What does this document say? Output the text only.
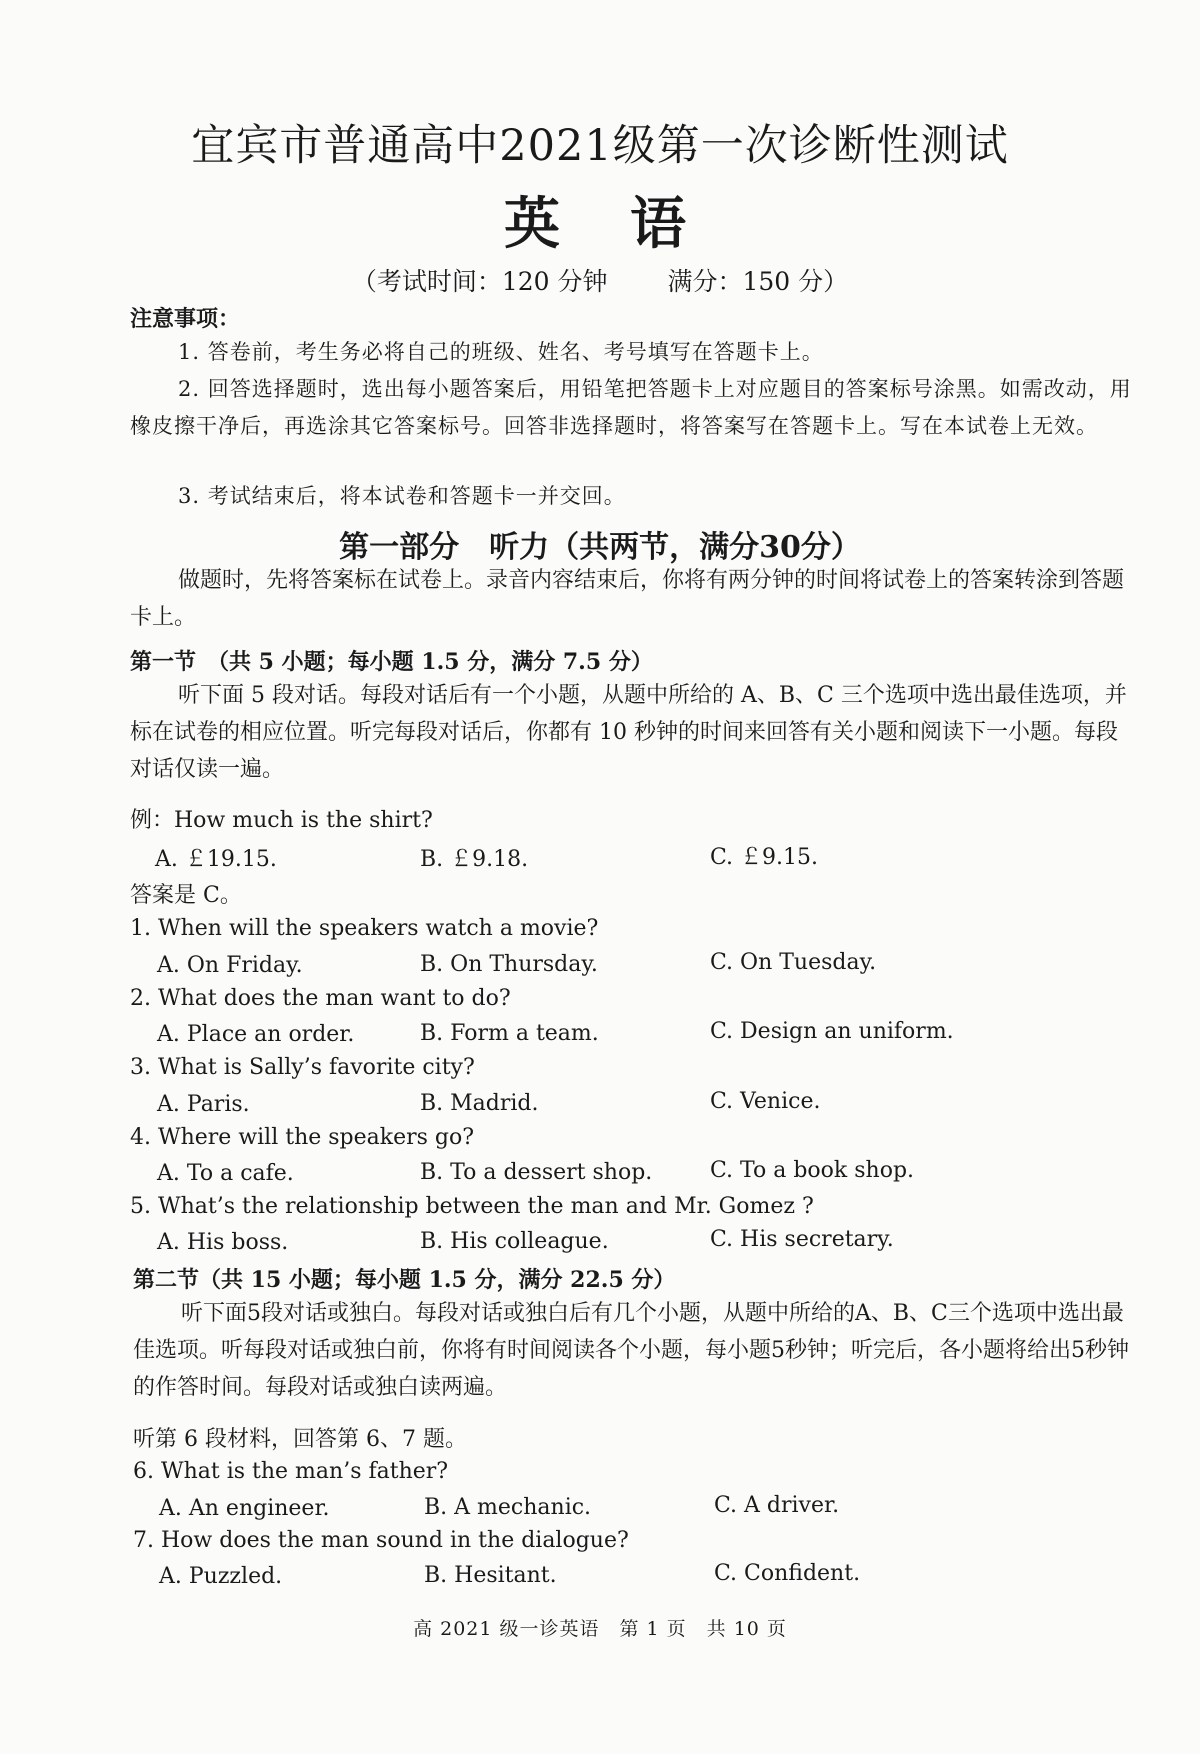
宜宾市普通高中2021级第一次诊断性测试
英语
（考试时间：120 分钟 满分：150 分）
注意事项：
1. 答卷前，考生务必将自己的班级、姓名、考号填写在答题卡上。
2. 回答选择题时，选出每小题答案后，用铅笔把答题卡上对应题目的答案标号涂黑。如需改动，用橡皮擦干净后，再选涂其它答案标号。回答非选择题时，将答案写在答题卡上。写在本试卷上无效。
3. 考试结束后，将本试卷和答题卡一并交回。
第一部分　听力（共两节，满分30分）
做题时，先将答案标在试卷上。录音内容结束后，你将有两分钟的时间将试卷上的答案转涂到答题卡上。
第一节　（共 5 小题；每小题 1.5 分，满分 7.5 分）
听下面 5 段对话。每段对话后有一个小题，从题中所给的 A、B、C 三个选项中选出最佳选项，并标在试卷的相应位置。听完每段对话后，你都有 10 秒钟的时间来回答有关小题和阅读下一小题。每段对话仅读一遍。
例：How much is the shirt?
A. ￡19.15.	B. ￡9.18.	C. ￡9.15.
答案是 C。
1. When will the speakers watch a movie?
A. On Friday.	B. On Thursday.	C. On Tuesday.
2. What does the man want to do?
A. Place an order.	B. Form a team.	C. Design an uniform.
3. What is Sally’s favorite city?
A. Paris.	B. Madrid.	C. Venice.
4. Where will the speakers go?
A. To a cafe.	B. To a dessert shop.	C. To a book shop.
5. What’s the relationship between the man and Mr. Gomez ?
A. His boss.	B. His colleague.	C. His secretary.
第二节（共 15 小题；每小题 1.5 分，满分 22.5 分）
听下面5段对话或独白。每段对话或独白后有几个小题，从题中所给的A、B、C三个选项中选出最佳选项。听每段对话或独白前，你将有时间阅读各个小题，每小题5秒钟；听完后，各小题将给出5秒钟的作答时间。每段对话或独白读两遍。
听第 6 段材料，回答第 6、7 题。
6. What is the man’s father?
A. An engineer.	B. A mechanic.	C. A driver.
7. How does the man sound in the dialogue?
A. Puzzled.	B. Hesitant.	C. Confident.
高 2021 级一诊英语　第 1 页　共 10 页
